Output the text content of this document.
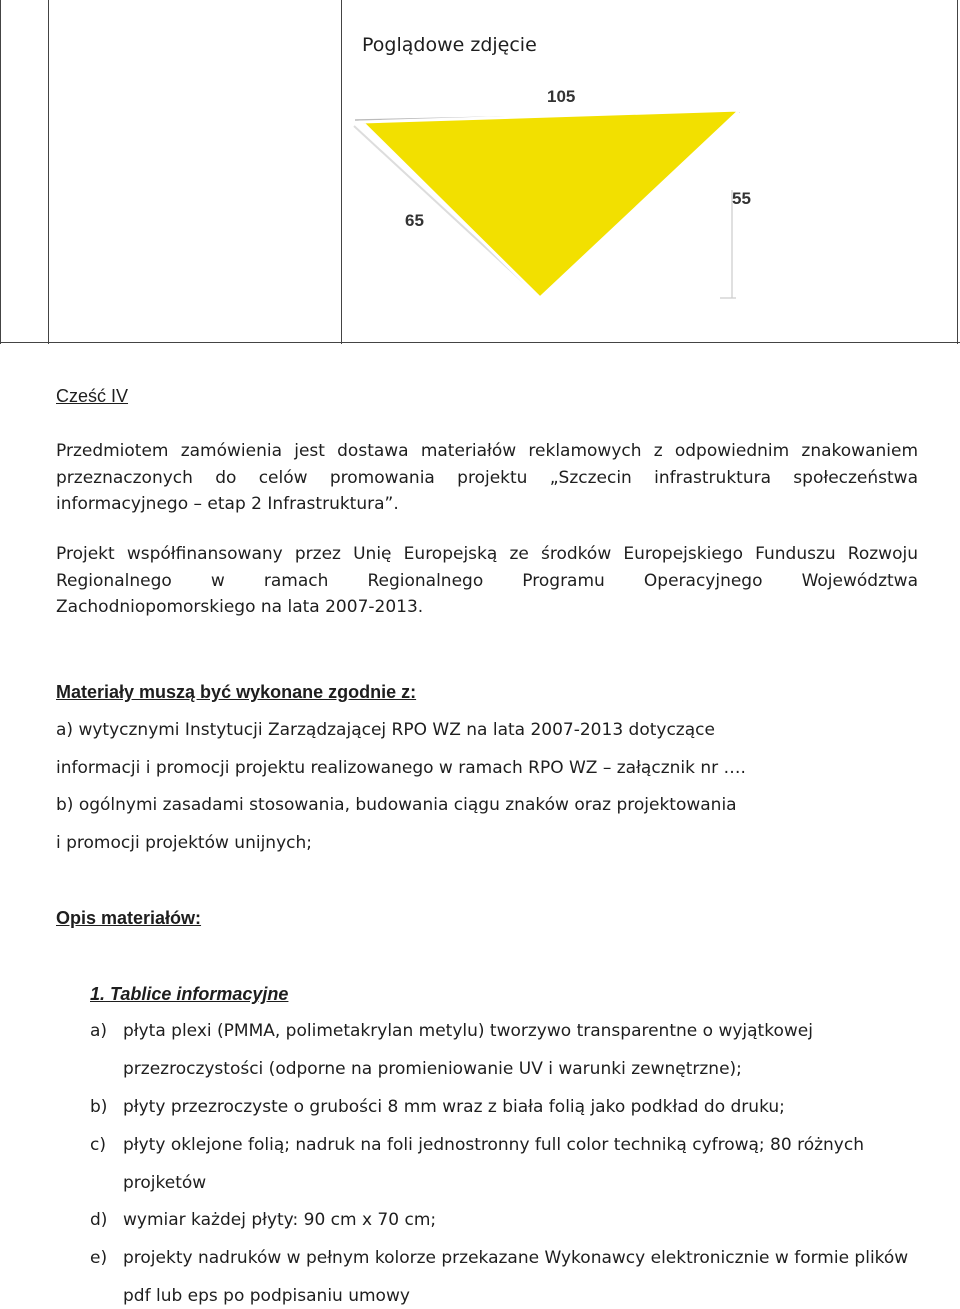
Poglądowe zdjęcie
105
65
55
Cześć IV

Przedmiotem zamówienia jest dostawa materiałów reklamowych z odpowiednim znakowaniem przeznaczonych do celów promowania projektu „Szczecin infrastruktura społeczeństwa informacyjnego – etap 2 Infrastruktura”.

Projekt współfinansowany przez Unię Europejską ze środków Europejskiego Funduszu Rozwoju Regionalnego w ramach Regionalnego Programu Operacyjnego Województwa Zachodniopomorskiego na lata 2007-2013.

Materiały muszą być wykonane zgodnie z:
a) wytycznymi Instytucji Zarządzającej RPO WZ na lata 2007-2013 dotyczące
informacji i promocji projektu realizowanego w ramach RPO WZ – załącznik nr ….
b) ogólnymi zasadami stosowania, budowania ciągu znaków oraz projektowania
i promocji projektów unijnych;
Opis materiałów:
1. Tablice informacyjne
a) płyta plexi (PMMA, polimetakrylan metylu) tworzywo transparentne o wyjątkowej
przezroczystości (odporne na promieniowanie UV i warunki zewnętrzne);
b) płyty przezroczyste o grubości 8 mm wraz z biała folią jako podkład do druku;
c) płyty oklejone folią; nadruk na foli jednostronny full color techniką cyfrową; 80 różnych
projketów
d) wymiar każdej płyty: 90 cm x 70 cm;
e) projekty nadruków w pełnym kolorze przekazane Wykonawcy elektronicznie w formie plików
pdf lub eps po podpisaniu umowy
